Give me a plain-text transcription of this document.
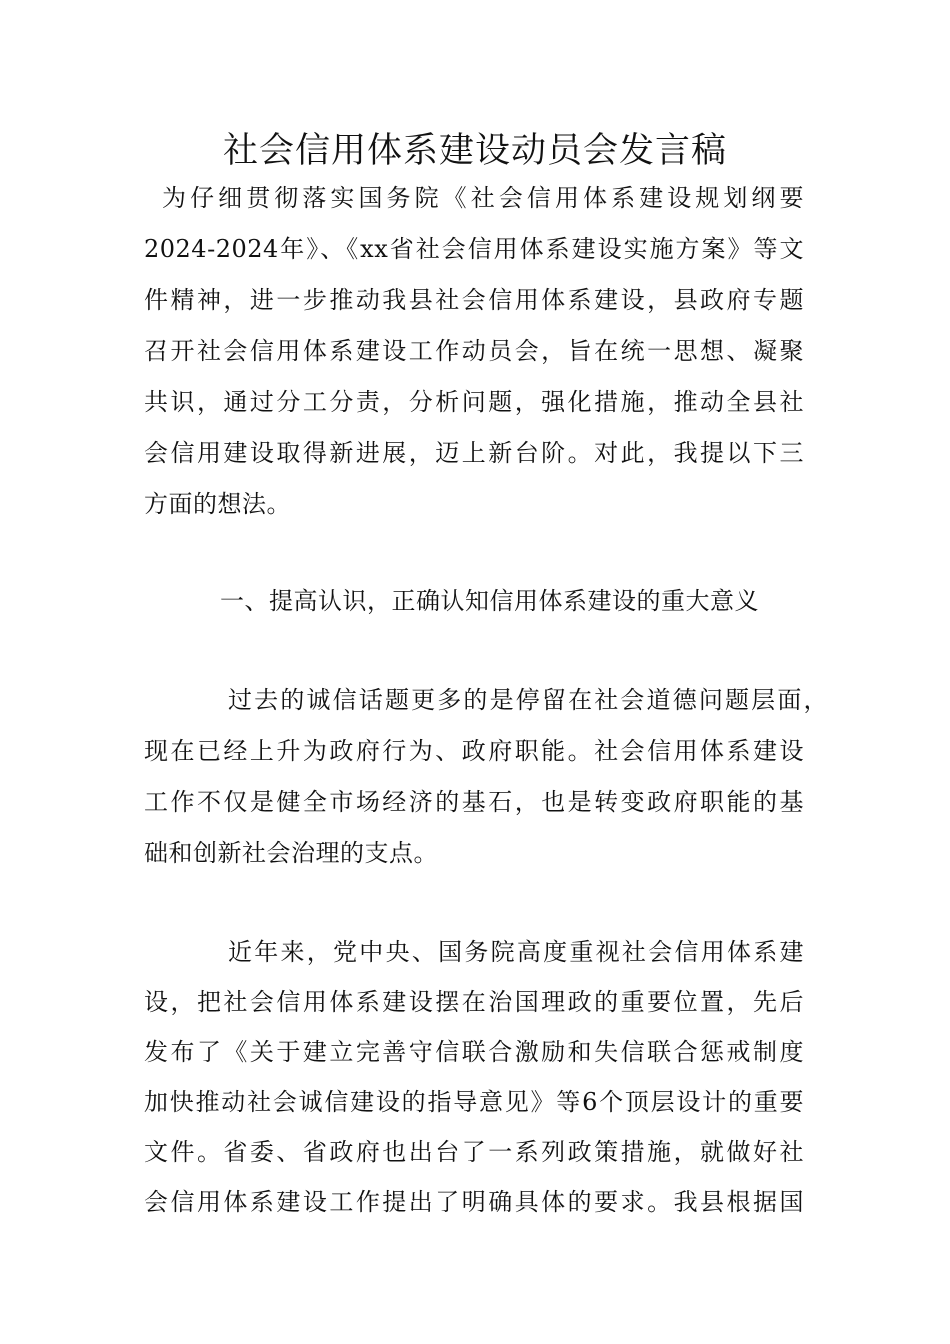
社会信用体系建设动员会发言稿
为仔细贯彻落实国务院《社会信用体系建设规划纲要
2024-2024年》、《xx省社会信用体系建设实施方案》等文
件精神，进一步推动我县社会信用体系建设，县政府专题
召开社会信用体系建设工作动员会，旨在统一思想、凝聚
共识，通过分工分责，分析问题，强化措施，推动全县社
会信用建设取得新进展，迈上新台阶。对此，我提以下三
方面的想法。
一、提高认识，正确认知信用体系建设的重大意义
过去的诚信话题更多的是停留在社会道德问题层面，
现在已经上升为政府行为、政府职能。社会信用体系建设
工作不仅是健全市场经济的基石，也是转变政府职能的基
础和创新社会治理的支点。
近年来，党中央、国务院高度重视社会信用体系建
设，把社会信用体系建设摆在治国理政的重要位置，先后
发布了《关于建立完善守信联合激励和失信联合惩戒制度
加快推动社会诚信建设的指导意见》等6个顶层设计的重要
文件。省委、省政府也出台了一系列政策措施，就做好社
会信用体系建设工作提出了明确具体的要求。我县根据国
